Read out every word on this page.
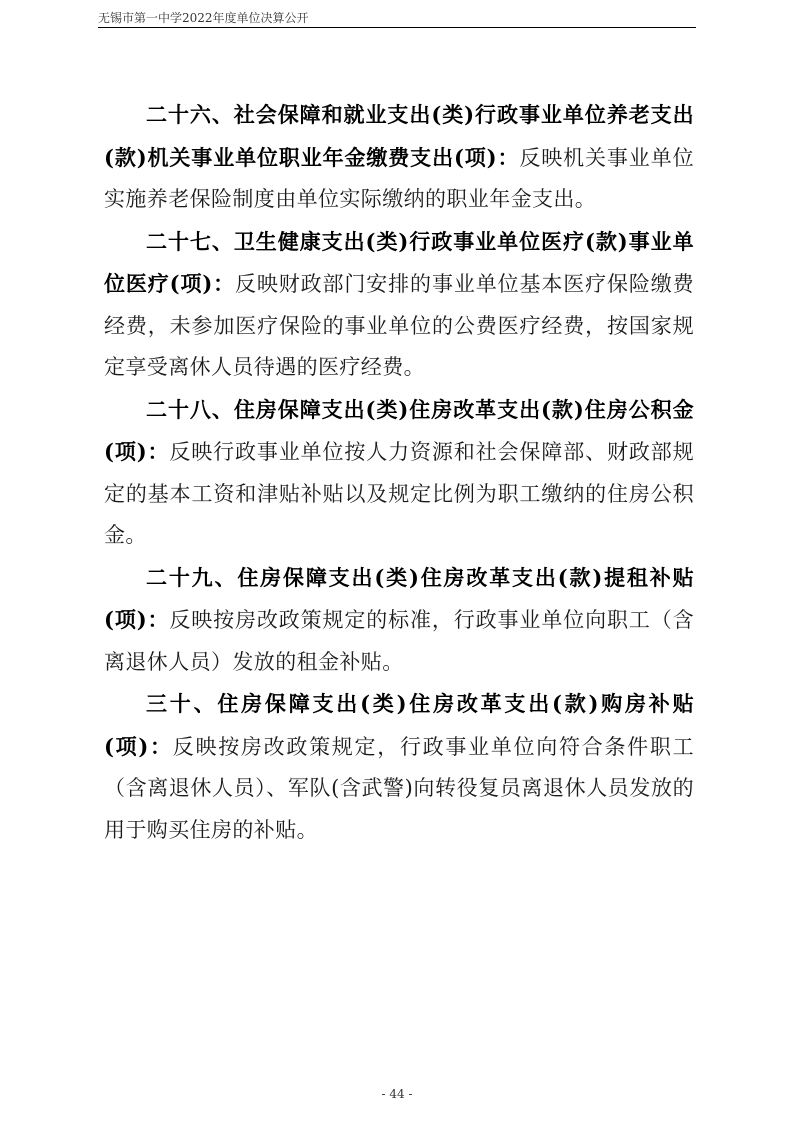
无锡市第一中学2022年度单位决算公开

二十六、社会保障和就业支出(类)行政事业单位养老支出(款)机关事业单位职业年金缴费支出(项)：反映机关事业单位实施养老保险制度由单位实际缴纳的职业年金支出。

二十七、卫生健康支出(类)行政事业单位医疗(款)事业单位医疗(项)：反映财政部门安排的事业单位基本医疗保险缴费经费，未参加医疗保险的事业单位的公费医疗经费，按国家规定享受离休人员待遇的医疗经费。

二十八、住房保障支出(类)住房改革支出(款)住房公积金(项)：反映行政事业单位按人力资源和社会保障部、财政部规定的基本工资和津贴补贴以及规定比例为职工缴纳的住房公积金。

二十九、住房保障支出(类)住房改革支出(款)提租补贴(项)：反映按房改政策规定的标准，行政事业单位向职工（含离退休人员）发放的租金补贴。

三十、住房保障支出(类)住房改革支出(款)购房补贴(项)：反映按房改政策规定，行政事业单位向符合条件职工（含离退休人员）、军队(含武警)向转役复员离退休人员发放的用于购买住房的补贴。

- 44 -
